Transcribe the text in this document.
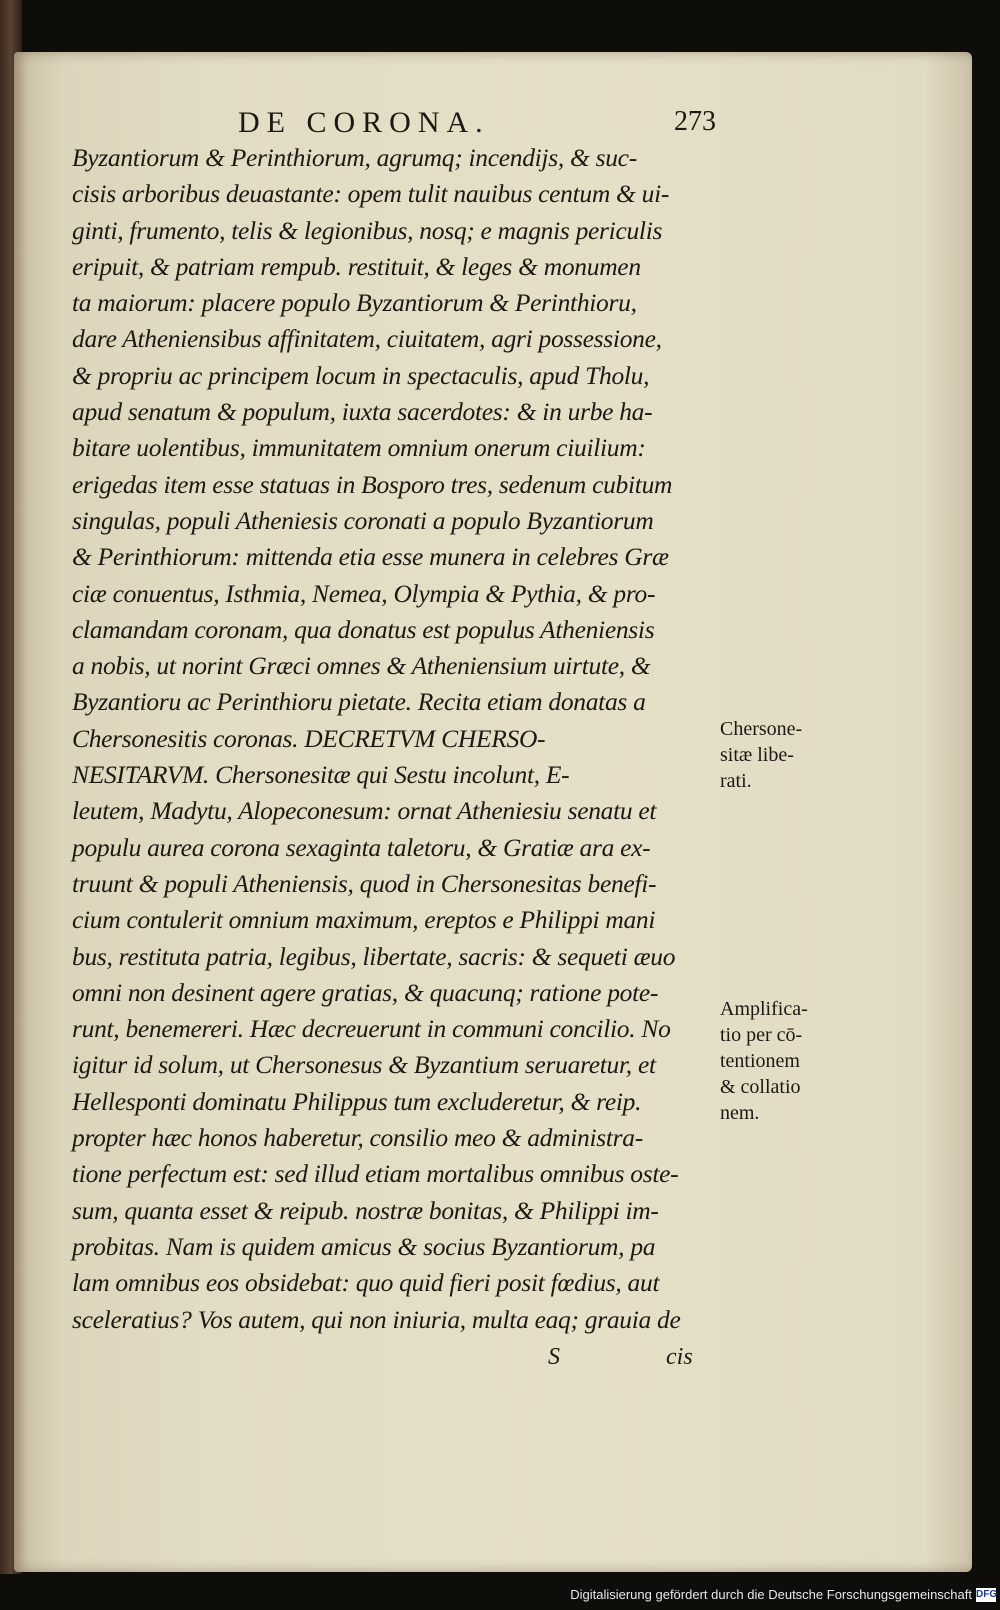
DE CORONA.	273
Byzantiorum & Perinthiorum, agrumq; incendijs, & suc-
cisis arboribus deuastante: opem tulit nauibus centum & ui-
ginti, frumento, telis & legionibus, nosq; e magnis periculis
eripuit, & patriam rempub. restituit, & leges & monumen
ta maiorum: placere populo Byzantiorum & Perinthioru,
dare Atheniensibus affinitatem, ciuitatem, agri possessione,
& propriu ac principem locum in spectaculis, apud Tholu,
apud senatum & populum, iuxta sacerdotes: & in urbe ha-
bitare uolentibus, immunitatem omnium onerum ciuilium:
erigedas item esse statuas in Bosporo tres, sedenum cubitum
singulas, populi Atheniesis coronati a populo Byzantiorum
& Perinthiorum: mittenda etia esse munera in celebres Græ
ciæ conuentus, Isthmia, Nemea, Olympia & Pythia, & pro-
clamandam coronam, qua donatus est populus Atheniensis
a nobis, ut norint Græci omnes & Atheniensium uirtute, &
Byzantioru ac Perinthioru pietate. Recita etiam donatas a
Chersonesitis coronas. DECRETVM CHERSO-
NESITARVM. Chersonesitæ qui Sestu incolunt, E-
leutem, Madytu, Alopeconesum: ornat Atheniesiu senatu et
populu aurea corona sexaginta taletoru, & Gratiæ ara ex-
truunt & populi Atheniensis, quod in Chersonesitas benefi-
cium contulerit omnium maximum, ereptos e Philippi mani
bus, restituta patria, legibus, libertate, sacris: & sequeti æuo
omni non desinent agere gratias, & quacunq; ratione pote-
runt, benemereri. Hæc decreuerunt in communi concilio. No
igitur id solum, ut Chersonesus & Byzantium seruaretur, et
Hellesponti dominatu Philippus tum excluderetur, & reip.
propter hæc honos haberetur, consilio meo & administra-
tione perfectum est: sed illud etiam mortalibus omnibus oste-
sum, quanta esset & reipub. nostræ bonitas, & Philippi im-
probitas. Nam is quidem amicus & socius Byzantiorum, pa
lam omnibus eos obsidebat: quo quid fieri posit fœdius, aut
sceleratius? Vos autem, qui non iniuria, multa eaq; grauia de
Chersone-
sitæ libe-
rati.
Amplifica-
tio per cō-
tentionem
& collatio
nem.
S	cis
Digitalisierung gefördert durch die Deutsche Forschungsgemeinschaft DFG
